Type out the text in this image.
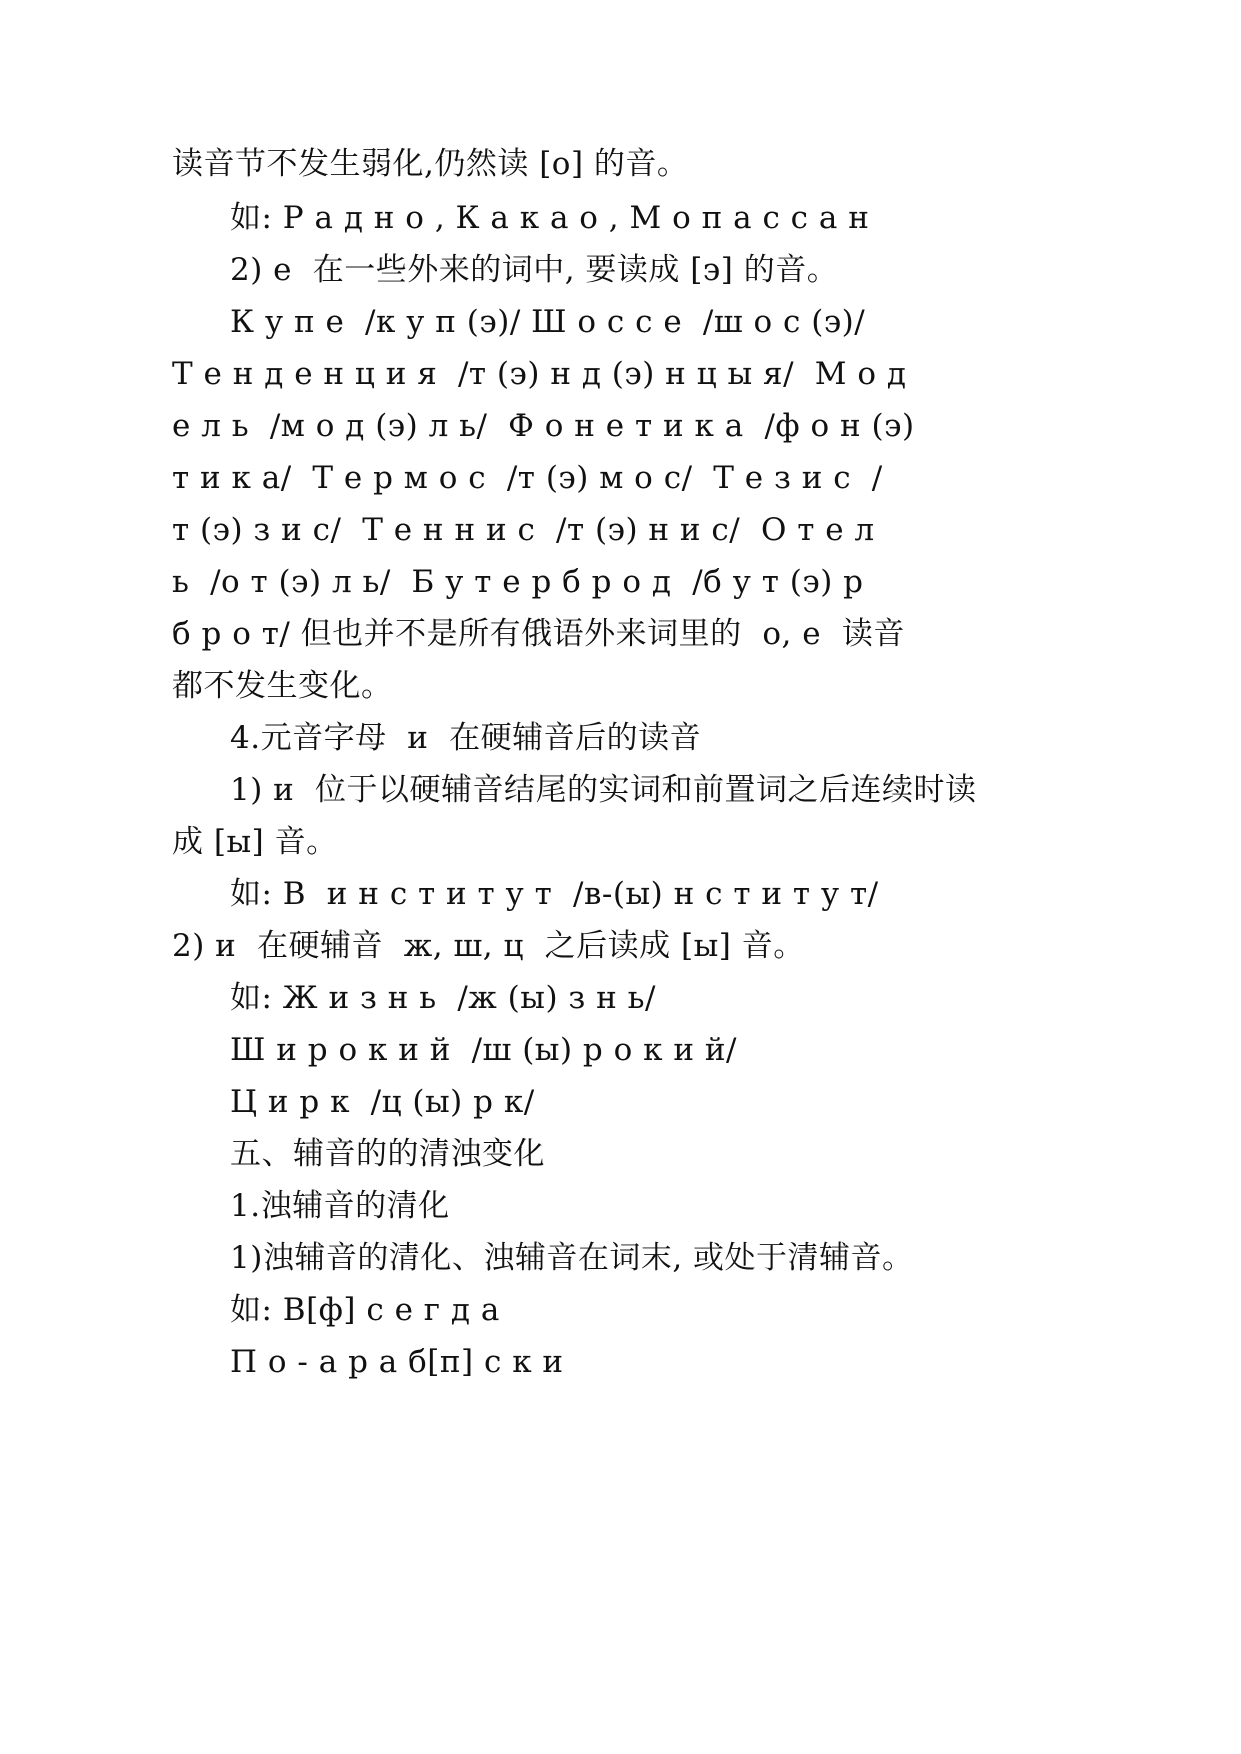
读音节不发生弱化,仍然读 [о] 的音。
如: Р а д н о , К а к а о , М о п а с с а н
2) е  在一些外来的词中, 要读成 [э] 的音。
К у п е  /к у п (э)/ Ш о с с е  /ш о с (э)/
Т е н д е н ц и я  /т (э) н д (э) н ц ы я/  М о д
е л ь  /м о д (э) л ь/  Ф о н е т и к а  /ф о н (э)
т и к а/  Т е р м о с  /т (э) м о с/  Т е з и с  /
т (э) з и с/  Т е н н и с  /т (э) н и с/  О т е л
ь  /о т (э) л ь/  Б у т е р б р о д  /б у т (э) р
б р о т/ 但也并不是所有俄语外来词里的  о, е  读音
都不发生变化。
4.元音字母  и  在硬辅音后的读音
1) и  位于以硬辅音结尾的实词和前置词之后连续时读
成 [ы] 音。
如: В  и н с т и т у т  /в-(ы) н с т и т у т/
2) и  在硬辅音  ж, ш, ц  之后读成 [ы] 音。
如: Ж и з н ь  /ж (ы) з н ь/
Ш и р о к и й  /ш (ы) р о к и й/
Ц и р к  /ц (ы) р к/
五、辅音的的清浊变化
1.浊辅音的清化
1)浊辅音的清化、浊辅音在词末, 或处于清辅音。
如: В[ф] с е г д а
П о - а р а б[п] с к и
